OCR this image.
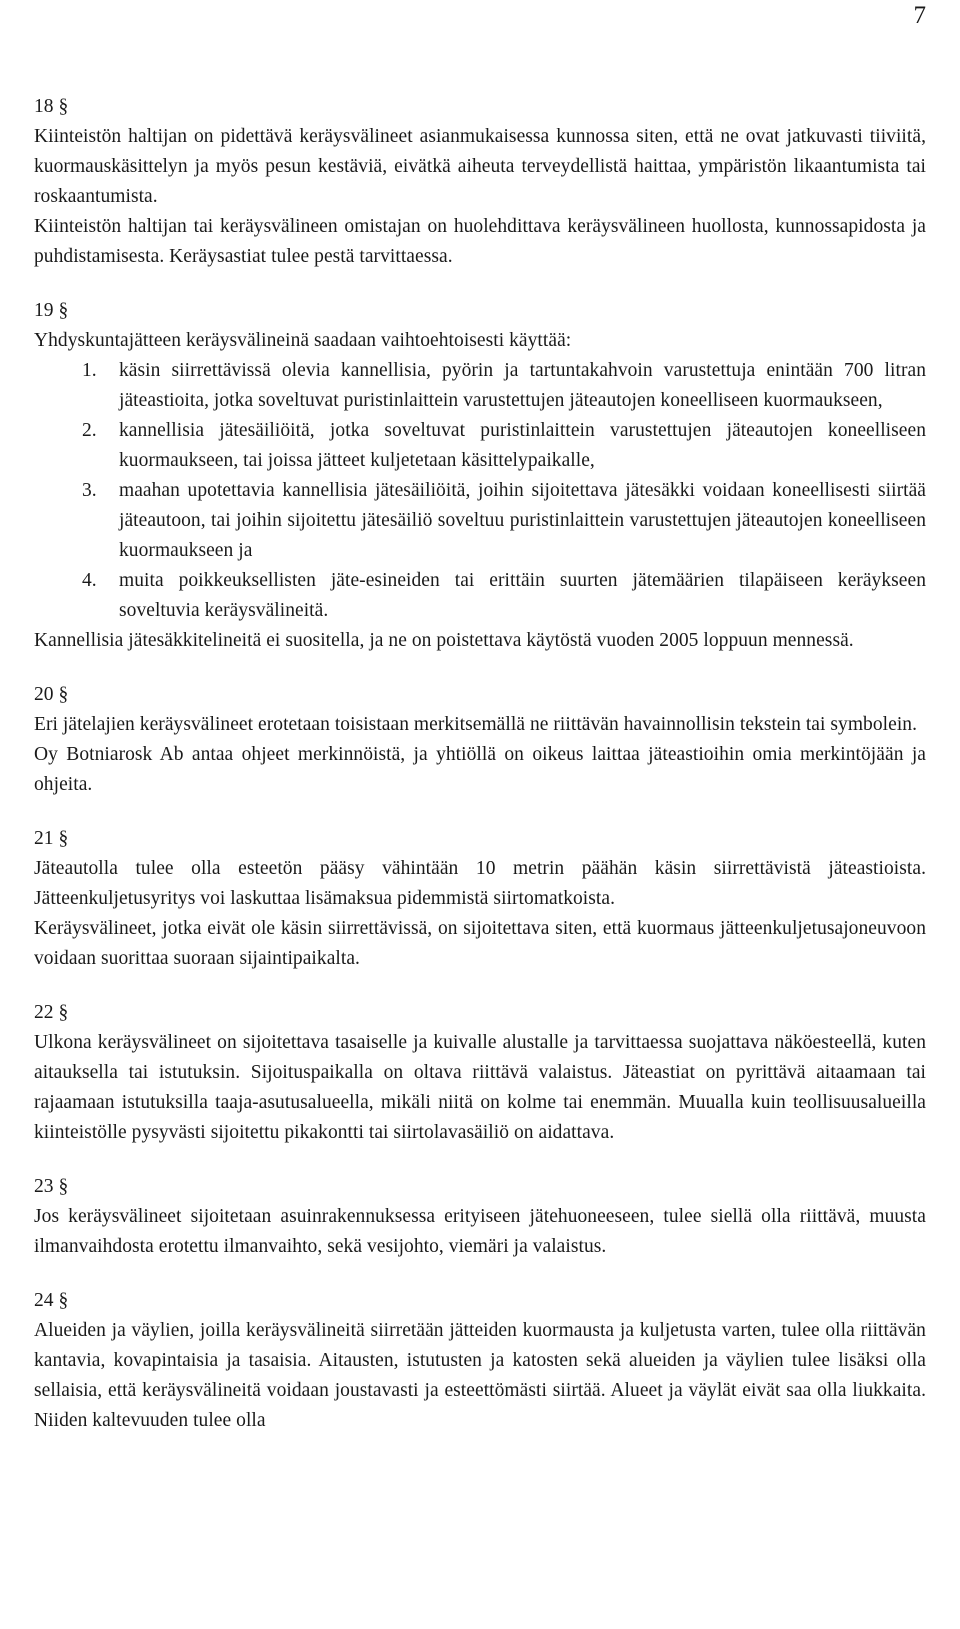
7

18 §

Kiinteistön haltijan on pidettävä keräysvälineet asianmukaisessa kunnossa siten, että ne ovat jatkuvasti tiiviitä, kuormauskäsittelyn ja myös pesun kestäviä, eivätkä aiheuta terveydellistä haittaa, ympäristön likaantumista tai roskaantumista.

Kiinteistön haltijan tai keräysvälineen omistajan on huolehdittava keräysvälineen huollosta, kunnossapidosta ja puhdistamisesta. Keräysastiat tulee pestä tarvittaessa.

19 §

Yhdyskuntajätteen keräysvälineinä saadaan vaihtoehtoisesti käyttää:

1.	käsin siirrettävissä olevia kannellisia, pyörin ja tartuntakahvoin varustettuja enintään 700 litran jäteastioita, jotka soveltuvat puristinlaittein varustettujen jäteautojen koneelliseen kuormaukseen,
2.	kannellisia jätesäiliöitä, jotka soveltuvat puristinlaittein varustettujen jäteautojen koneelliseen kuormaukseen, tai joissa jätteet kuljetetaan käsittelypaikalle,
3.	maahan upotettavia kannellisia jätesäiliöitä, joihin sijoitettava jätesäkki voidaan koneellisesti siirtää jäteautoon, tai joihin sijoitettu jätesäiliö soveltuu puristinlaittein varustettujen jäteautojen koneelliseen kuormaukseen ja
4.	muita poikkeuksellisten jäte-esineiden tai erittäin suurten jätemäärien tilapäiseen keräykseen soveltuvia keräysvälineitä.

Kannellisia jätesäkkitelineitä ei suositella, ja ne on poistettava käytöstä vuoden 2005 loppuun mennessä.

20 §

Eri jätelajien keräysvälineet erotetaan toisistaan merkitsemällä ne riittävän havainnollisin tekstein tai symbolein.

Oy Botniarosk Ab antaa ohjeet merkinnöistä, ja yhtiöllä on oikeus laittaa jäteastioihin omia merkintöjään ja ohjeita.

21 §

Jäteautolla tulee olla esteetön pääsy vähintään 10 metrin päähän käsin siirrettävistä jäteastioista. Jätteenkuljetusyritys voi laskuttaa lisämaksua pidemmistä siirtomatkoista.

Keräysvälineet, jotka eivät ole käsin siirrettävissä, on sijoitettava siten, että kuormaus jätteenkuljetusajoneuvoon voidaan suorittaa suoraan sijaintipaikalta.

22 §

Ulkona keräysvälineet on sijoitettava tasaiselle ja kuivalle alustalle ja tarvittaessa suojattava näköesteellä, kuten aitauksella tai istutuksin. Sijoituspaikalla on oltava riittävä valaistus. Jäteastiat on pyrittävä aitaamaan tai rajaamaan istutuksilla taaja-asutusalueella, mikäli niitä on kolme tai enemmän. Muualla kuin teollisuusalueilla kiinteistölle pysyvästi sijoitettu pikakontti tai siirtolavasäiliö on aidattava.

23 §

Jos keräysvälineet sijoitetaan asuinrakennuksessa erityiseen jätehuoneeseen, tulee siellä olla riittävä, muusta ilmanvaihdosta erotettu ilmanvaihto, sekä vesijohto, viemäri ja valaistus.

24 §

Alueiden ja väylien, joilla keräysvälineitä siirretään jätteiden kuormausta ja kuljetusta varten, tulee olla riittävän kantavia, kovapintaisia ja tasaisia. Aitausten, istutusten ja katosten sekä alueiden ja väylien tulee lisäksi olla sellaisia, että keräysvälineitä voidaan joustavasti ja esteettömästi siirtää. Alueet ja väylät eivät saa olla liukkaita. Niiden kaltevuuden tulee olla
